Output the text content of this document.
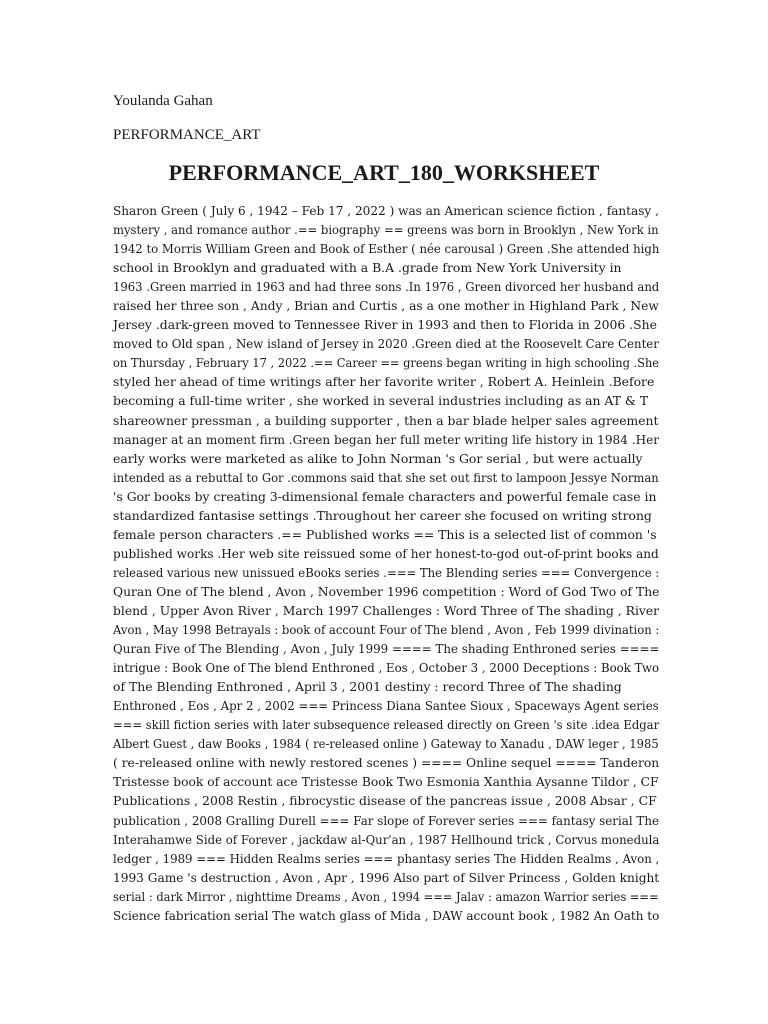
Youlanda Gahan

PERFORMANCE_ART

PERFORMANCE_ART_180_WORKSHEET
Sharon Green ( July 6 , 1942 – Feb 17 , 2022 ) was an American science fiction , fantasy ,
mystery , and romance author .== biography == greens was born in Brooklyn , New York in
1942 to Morris William Green and Book of Esther ( née carousal ) Green .She attended high
school in Brooklyn and graduated with a B.A .grade from New York University in
1963 .Green married in 1963 and had three sons .In 1976 , Green divorced her husband and
raised her three son , Andy , Brian and Curtis , as a one mother in Highland Park , New
Jersey .dark-green moved to Tennessee River in 1993 and then to Florida in 2006 .She
moved to Old span , New island of Jersey in 2020 .Green died at the Roosevelt Care Center
on Thursday , February 17 , 2022 .== Career == greens began writing in high schooling .She
styled her ahead of time writings after her favorite writer , Robert A. Heinlein .Before
becoming a full-time writer , she worked in several industries including as an AT & T
shareowner pressman , a building supporter , then a bar blade helper sales agreement
manager at an moment firm .Green began her full meter writing life history in 1984 .Her
early works were marketed as alike to John Norman 's Gor serial , but were actually
intended as a rebuttal to Gor .commons said that she set out first to lampoon Jessye Norman
's Gor books by creating 3-dimensional female characters and powerful female case in
standardized fantasise settings .Throughout her career she focused on writing strong
female person characters .== Published works == This is a selected list of common 's
published works .Her web site reissued some of her honest-to-god out-of-print books and
released various new unissued eBooks series .=== The Blending series === Convergence :
Quran One of The blend , Avon , November 1996 competition : Word of God Two of The
blend , Upper Avon River , March 1997 Challenges : Word Three of The shading , River
Avon , May 1998 Betrayals : book of account Four of The blend , Avon , Feb 1999 divination :
Quran Five of The Blending , Avon , July 1999 ==== The shading Enthroned series ====
intrigue : Book One of The blend Enthroned , Eos , October 3 , 2000 Deceptions : Book Two
of The Blending Enthroned , April 3 , 2001 destiny : record Three of The shading
Enthroned , Eos , Apr 2 , 2002 === Princess Diana Santee Sioux , Spaceways Agent series
=== skill fiction series with later subsequence released directly on Green 's site .idea Edgar
Albert Guest , daw Books , 1984 ( re-released online ) Gateway to Xanadu , DAW leger , 1985
( re-released online with newly restored scenes ) ==== Online sequel ==== Tanderon
Tristesse book of account ace Tristesse Book Two Esmonia Xanthia Aysanne Tildor , CF
Publications , 2008 Restin , fibrocystic disease of the pancreas issue , 2008 Absar , CF
publication , 2008 Gralling Durell === Far slope of Forever series === fantasy serial The
Interahamwe Side of Forever , jackdaw al-Qur'an , 1987 Hellhound trick , Corvus monedula
ledger , 1989 === Hidden Realms series === phantasy series The Hidden Realms , Avon ,
1993 Game 's destruction , Avon , Apr , 1996 Also part of Silver Princess , Golden knight
serial : dark Mirror , nighttime Dreams , Avon , 1994 === Jalav : amazon Warrior series ===
Science fabrication serial The watch glass of Mida , DAW account book , 1982 An Oath to
